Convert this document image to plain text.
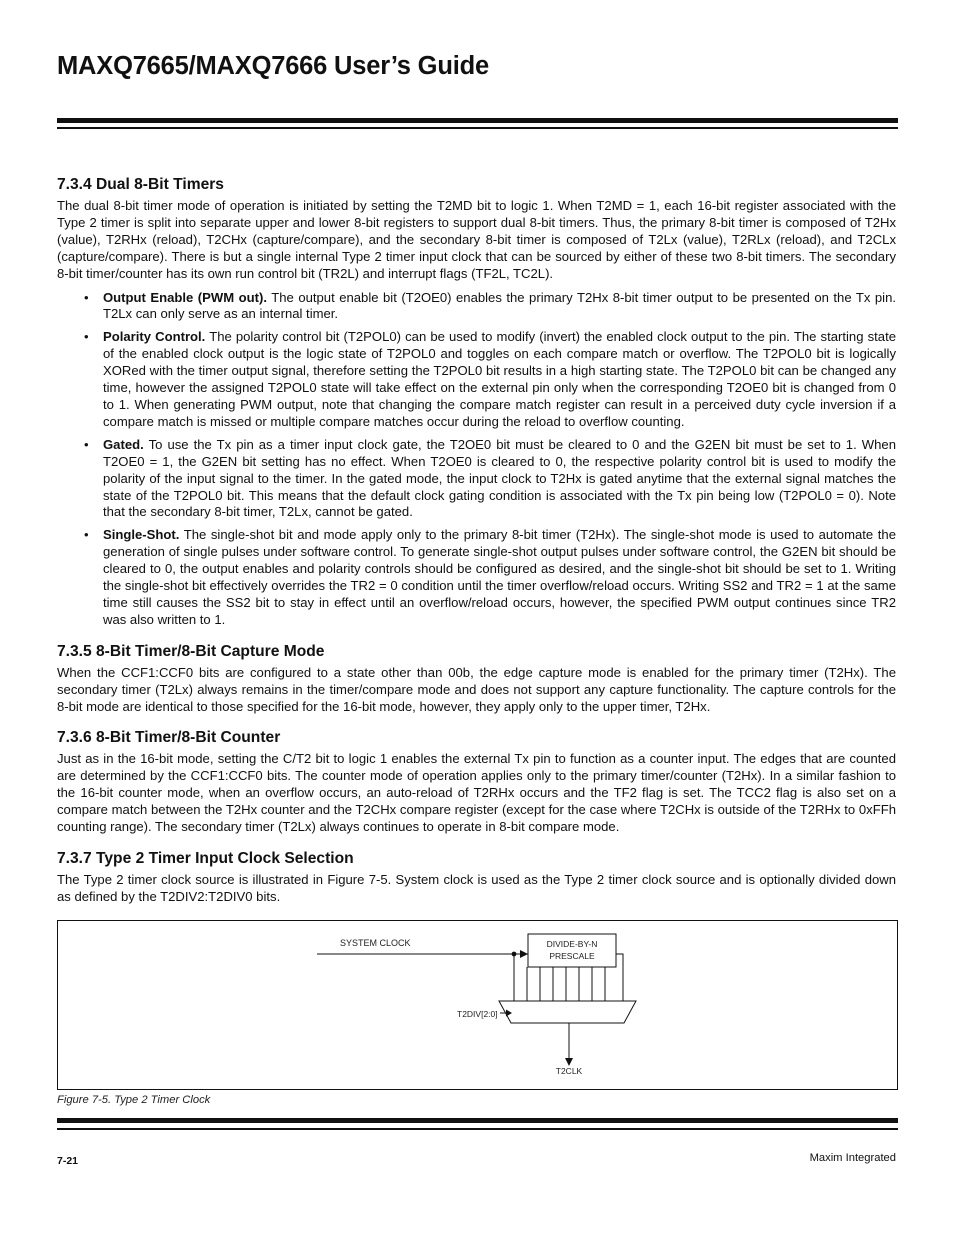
MAXQ7665/MAXQ7666 User’s Guide
7.3.4 Dual 8-Bit Timers

The dual 8-bit timer mode of operation is initiated by setting the T2MD bit to logic 1. When T2MD = 1, each 16-bit register associated with the Type 2 timer is split into separate upper and lower 8-bit registers to support dual 8-bit timers. Thus, the primary 8-bit timer is composed of T2Hx (value), T2RHx (reload), T2CHx (capture/compare), and the secondary 8-bit timer is composed of T2Lx (value), T2RLx (reload), and T2CLx (capture/compare). There is but a single internal Type 2 timer input clock that can be sourced by either of these two 8-bit timers. The secondary 8-bit timer/counter has its own run control bit (TR2L) and interrupt flags (TF2L, TC2L).

• Output Enable (PWM out). The output enable bit (T2OE0) enables the primary T2Hx 8-bit timer output to be presented on the Tx pin. T2Lx can only serve as an internal timer.
• Polarity Control. The polarity control bit (T2POL0) can be used to modify (invert) the enabled clock output to the pin. The starting state of the enabled clock output is the logic state of T2POL0 and toggles on each compare match or overflow. The T2POL0 bit is logically XORed with the timer output signal, therefore setting the T2POL0 bit results in a high starting state. The T2POL0 bit can be changed any time, however the assigned T2POL0 state will take effect on the external pin only when the corresponding T2OE0 bit is changed from 0 to 1. When generating PWM output, note that changing the compare match register can result in a perceived duty cycle inversion if a compare match is missed or multiple compare matches occur during the reload to overflow counting.
• Gated. To use the Tx pin as a timer input clock gate, the T2OE0 bit must be cleared to 0 and the G2EN bit must be set to 1. When T2OE0 = 1, the G2EN bit setting has no effect. When T2OE0 is cleared to 0, the respective polarity control bit is used to modify the polarity of the input signal to the timer. In the gated mode, the input clock to T2Hx is gated anytime that the external signal matches the state of the T2POL0 bit. This means that the default clock gating condition is associated with the Tx pin being low (T2POL0 = 0). Note that the secondary 8-bit timer, T2Lx, cannot be gated.
• Single-Shot. The single-shot bit and mode apply only to the primary 8-bit timer (T2Hx). The single-shot mode is used to automate the generation of single pulses under software control. To generate single-shot output pulses under software control, the G2EN bit should be cleared to 0, the output enables and polarity controls should be configured as desired, and the single-shot bit should be set to 1. Writing the single-shot bit effectively overrides the TR2 = 0 condition until the timer overflow/reload occurs. Writing SS2 and TR2 = 1 at the same time still causes the SS2 bit to stay in effect until an overflow/reload occurs, however, the specified PWM output continues since TR2 was also written to 1.
7.3.5 8-Bit Timer/8-Bit Capture Mode

When the CCF1:CCF0 bits are configured to a state other than 00b, the edge capture mode is enabled for the primary timer (T2Hx). The secondary timer (T2Lx) always remains in the timer/compare mode and does not support any capture functionality. The capture controls for the 8-bit mode are identical to those specified for the 16-bit mode, however, they apply only to the upper timer, T2Hx.

7.3.6 8-Bit Timer/8-Bit Counter

Just as in the 16-bit mode, setting the C/T2 bit to logic 1 enables the external Tx pin to function as a counter input. The edges that are counted are determined by the CCF1:CCF0 bits. The counter mode of operation applies only to the primary timer/counter (T2Hx). In a similar fashion to the 16-bit counter mode, when an overflow occurs, an auto-reload of T2RHx occurs and the TF2 flag is set. The TCC2 flag is also set on a compare match between the T2Hx counter and the T2CHx compare register (except for the case where T2CHx is outside of the T2RHx to 0xFFh counting range). The secondary timer (T2Lx) always continues to operate in 8-bit compare mode.

7.3.7 Type 2 Timer Input Clock Selection

The Type 2 timer clock source is illustrated in Figure 7-5. System clock is used as the Type 2 timer clock source and is optionally divided down as defined by the T2DIV2:T2DIV0 bits.

SYSTEM CLOCK	DIVIDE-BY-N
PRESCALE
T2DIV[2:0]
T2CLK
Figure 7-5. Type 2 Timer Clock
7-21	Maxim Integrated
